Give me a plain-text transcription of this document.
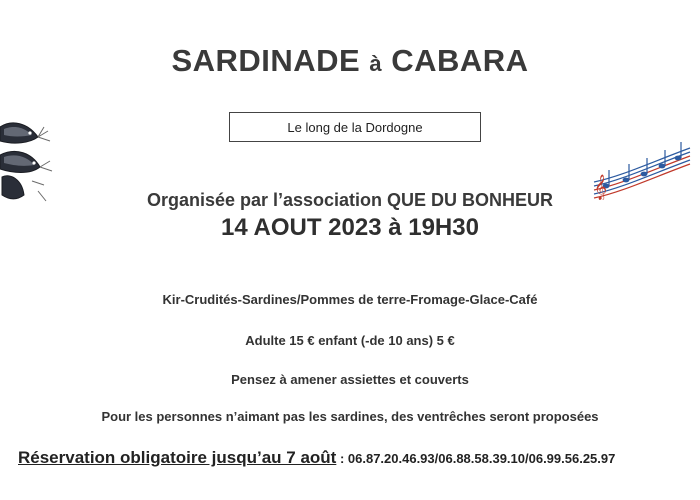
SARDINADE à CABARA
Le long de la Dordogne
𝄞
Organisée par l’association QUE DU BONHEUR
14 AOUT 2023 à 19H30
Kir-Crudités-Sardines/Pommes de terre-Fromage-Glace-Café
Adulte 15 € enfant (-de 10 ans) 5 €
Pensez à amener assiettes et couverts
Pour les personnes n’aimant pas les sardines, des ventrêches seront proposées
Réservation obligatoire jusqu’au 7 août : 06.87.20.46.93/06.88.58.39.10/06.99.56.25.97
